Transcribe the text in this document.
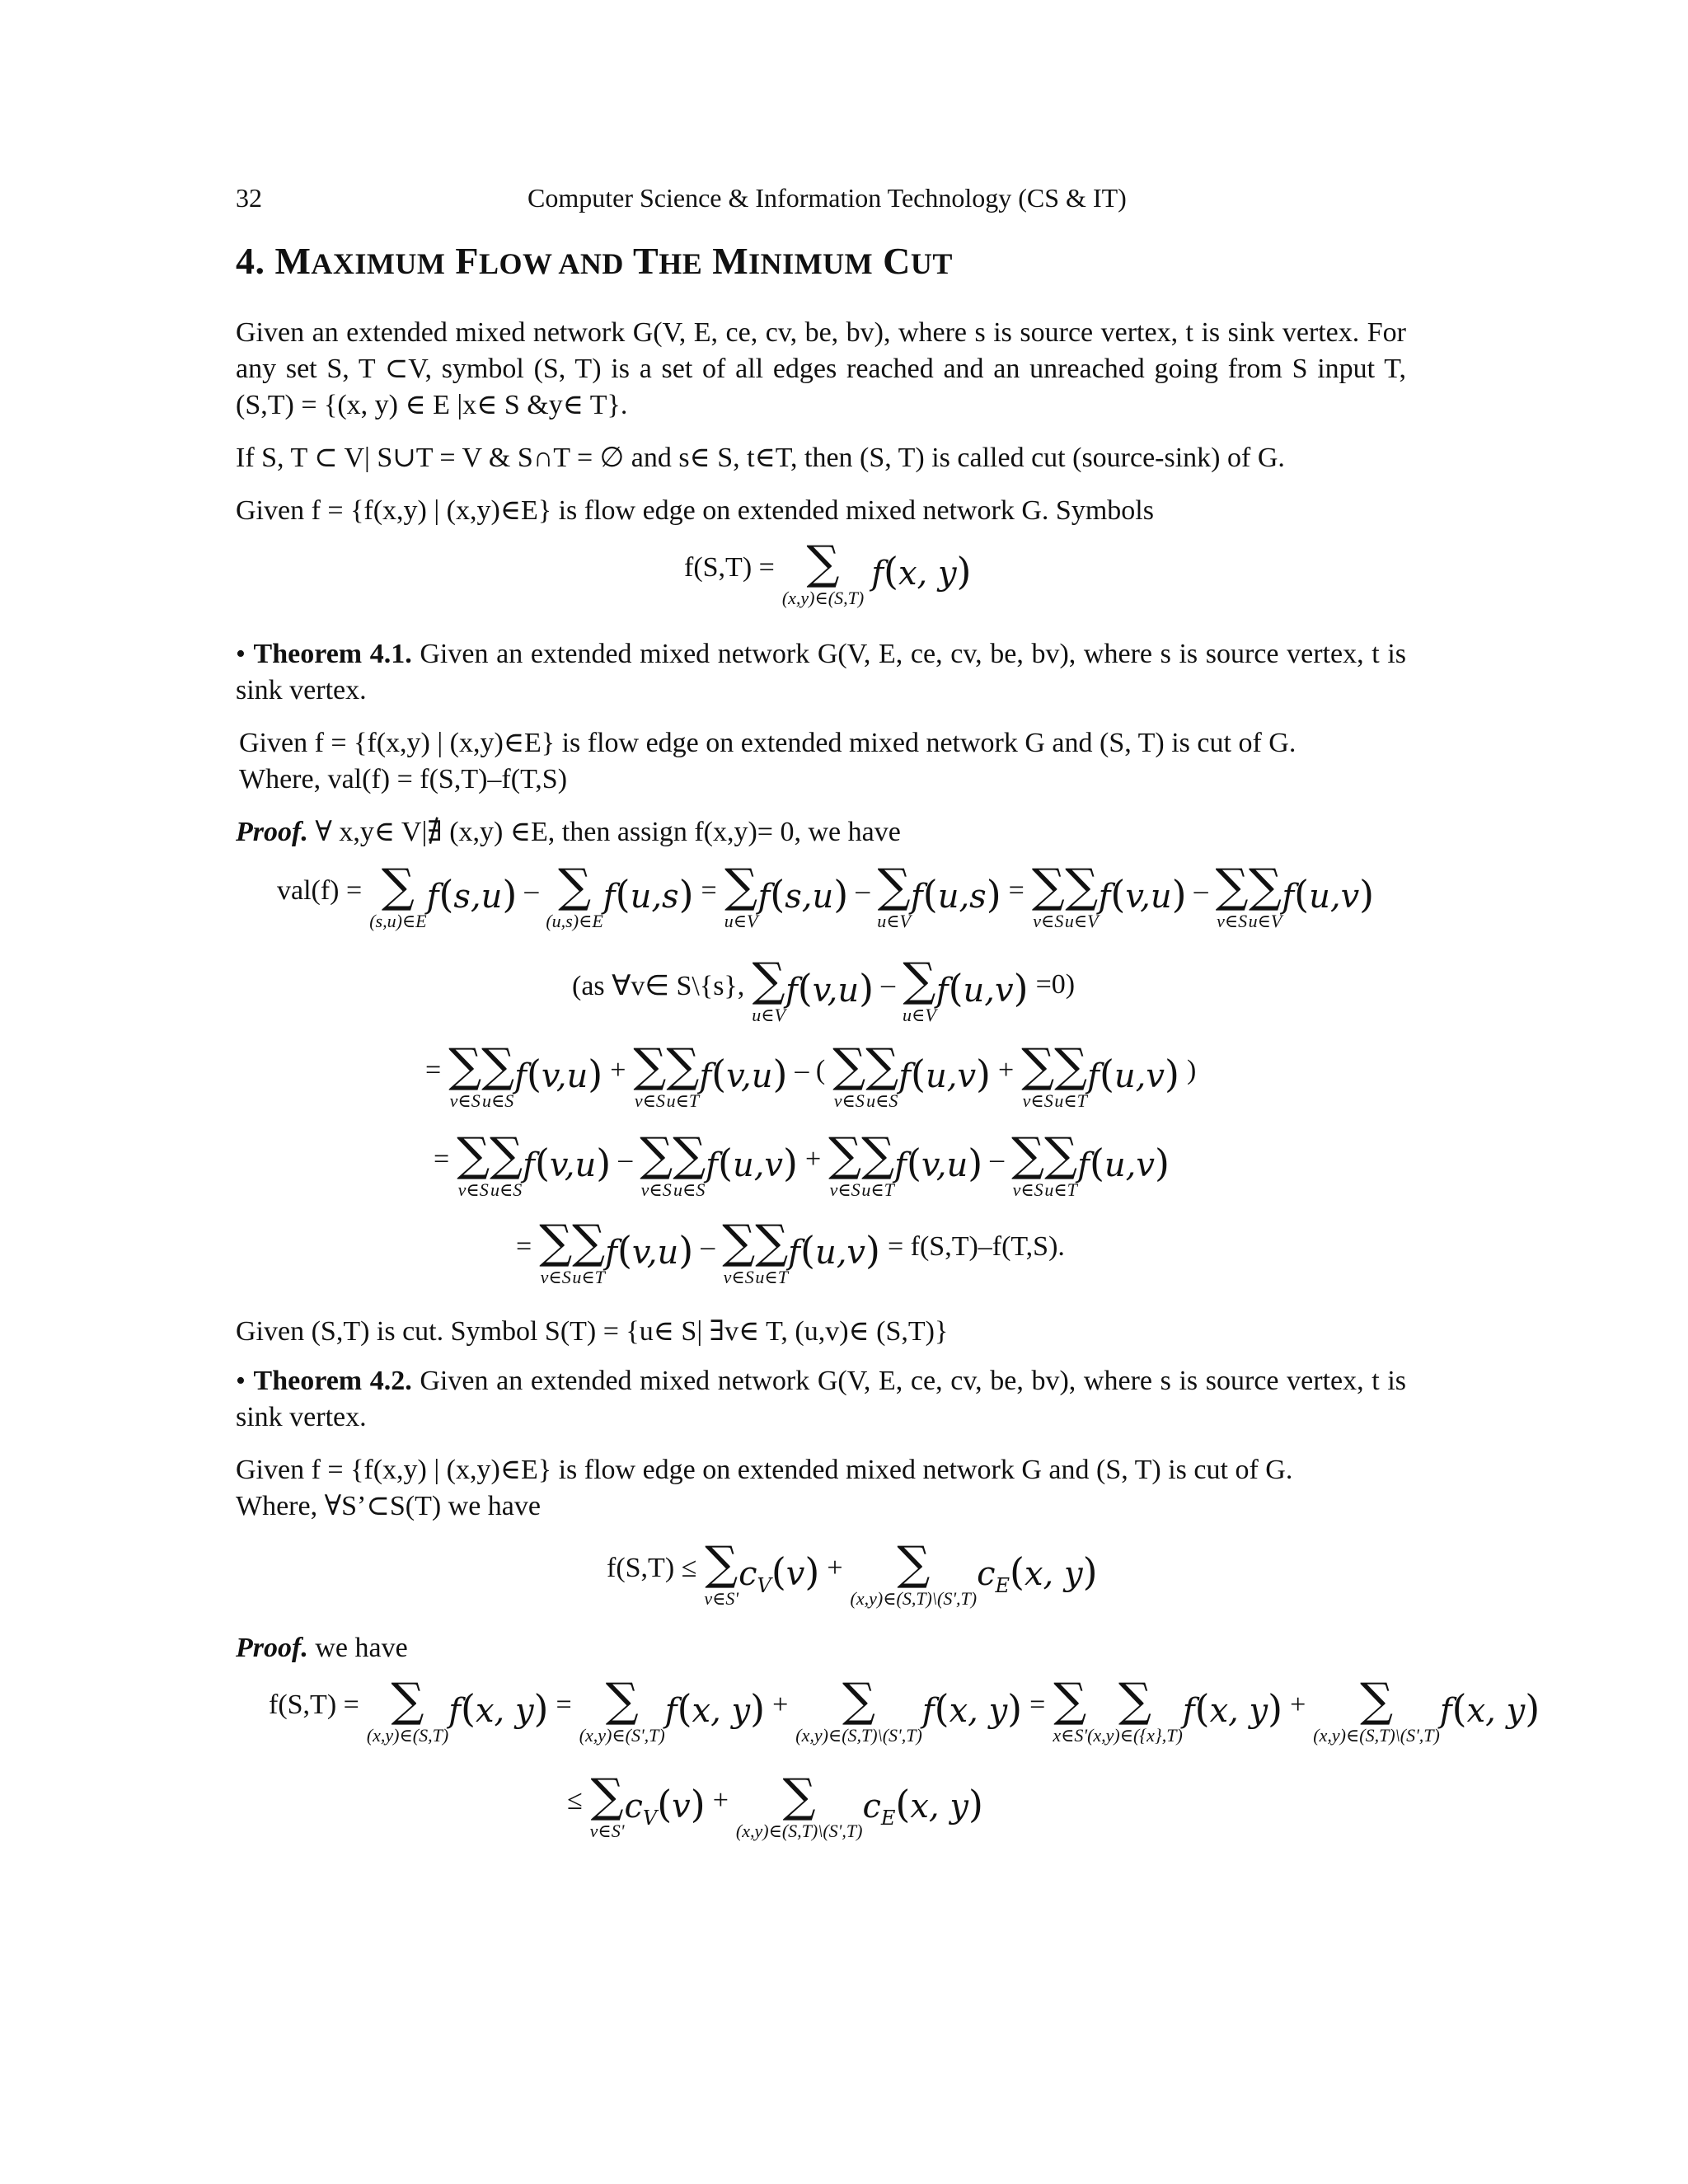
32	Computer Science & Information Technology (CS & IT)
4. MAXIMUM FLOW AND THE MINIMUM CUT
Given an extended mixed network G(V, E, ce, cv, be, bv), where s is source vertex, t is sink vertex. For any set S, T ⊂V, symbol (S, T) is a set of all edges reached and an unreached going from S input T, (S,T) = {(x, y) ∈ E |x∈ S &y∈ T}.
If S, T ⊂ V| S∪T = V & S∩T = ∅ and s∈ S, t∈T, then (S, T) is called cut (source-sink) of G.
Given f = {f(x,y) | (x,y)∈E} is flow edge on extended mixed network G. Symbols
f(S,T) = ∑
(x,y)∈(S,T)
f(x, y)
• Theorem 4.1. Given an extended mixed network G(V, E, ce, cv, be, bv), where s is source vertex, t is sink vertex.
Given f = {f(x,y) | (x,y)∈E} is flow edge on extended mixed network G and (S, T) is cut of G.
Where, val(f) = f(S,T)–f(T,S)
Proof. ∀ x,y∈ V|∄ (x,y) ∈E, then assign f(x,y)= 0, we have
val(f) = ∑
(s,u)∈E
f(s,u) – ∑
(u,s)∈E
f(u,s) = ∑
u∈V
f(s,u) – ∑
u∈V
f(u,s) = ∑
v∈S
∑
u∈V
f(v,u) – ∑
v∈S
∑
u∈V
f(u,v)
(as ∀v∈ S\{s}, ∑
u∈V
f(v,u) – ∑
u∈V
f(u,v) =0)
= ∑
v∈S
∑
u∈S
f(v,u) + ∑
v∈S
∑
u∈T
f(v,u) – ( ∑
v∈S
∑
u∈S
f(u,v) + ∑
v∈S
∑
u∈T
f(u,v) )
= ∑
v∈S
∑
u∈S
f(v,u) – ∑
v∈S
∑
u∈S
f(u,v) + ∑
v∈S
∑
u∈T
f(v,u) – ∑
v∈S
∑
u∈T
f(u,v)
= ∑
v∈S
∑
u∈T
f(v,u) – ∑
v∈S
∑
u∈T
f(u,v) = f(S,T)–f(T,S).
Given (S,T) is cut. Symbol S(T) = {u∈ S| ∃v∈ T, (u,v)∈ (S,T)}
• Theorem 4.2. Given an extended mixed network G(V, E, ce, cv, be, bv), where s is source vertex, t is sink vertex.
Given f = {f(x,y) | (x,y)∈E} is flow edge on extended mixed network G and (S, T) is cut of G.
Where, ∀S’⊂S(T) we have
f(S,T) ≤ ∑
v∈S'
$c_V(v)$ +	∑
(x,y)∈(S,T)\(S',T)
$c_E(x$, y)
Proof. we have
f(S,T) = ∑
(x,y)∈(S,T)
f(x, y) = ∑
(x,y)∈(S',T)
f(x, y) +	∑
(x,y)∈(S,T)\(S',T)
f(x, y) = ∑
x∈S'
∑
(x,y)∈({x},T)
f(x, y) +	∑
(x,y)∈(S,T)\(S',T)
f(x, y)
≤ ∑
v∈S'
$c_V(v)$ +	∑
(x,y)∈(S,T)\(S',T)
$c_E(x$, y)
